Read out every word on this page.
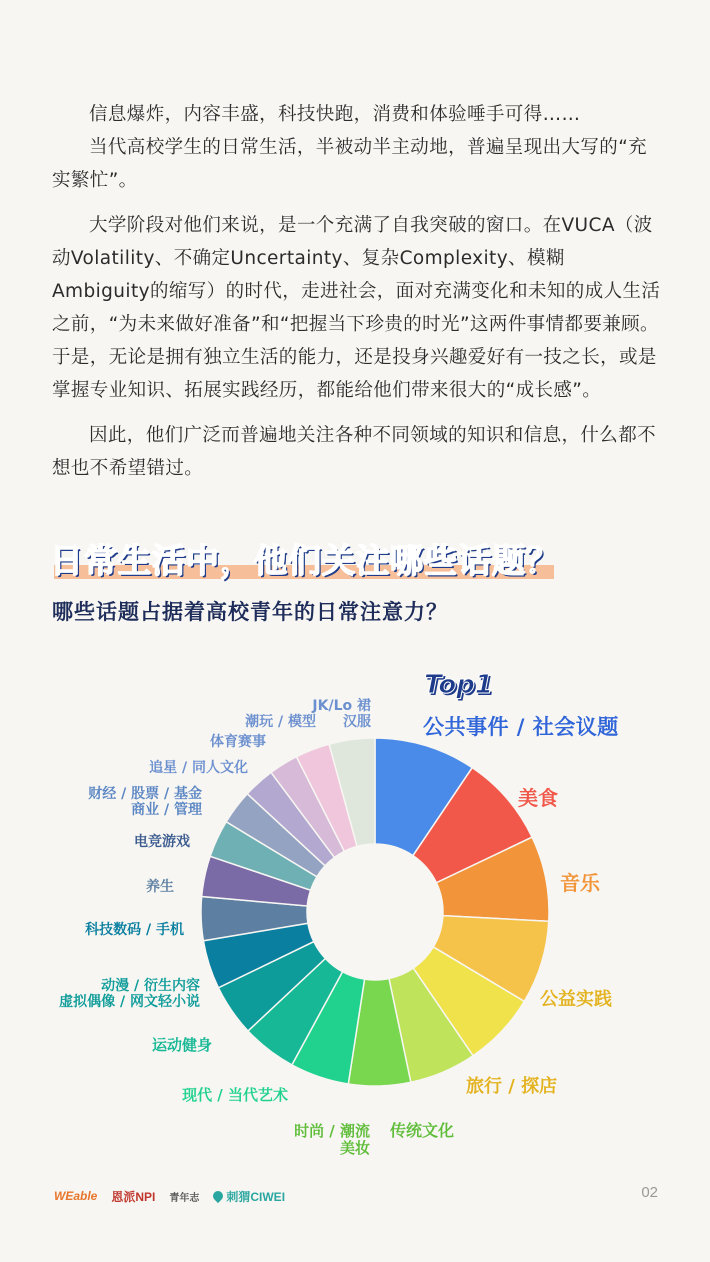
信息爆炸，内容丰盛，科技快跑，消费和体验唾手可得……

当代高校学生的日常生活，半被动半主动地，普遍呈现出大写的“充实繁忙”。

大学阶段对他们来说，是一个充满了自我突破的窗口。在VUCA（波动Volatility、不确定Uncertainty、复杂Complexity、模糊Ambiguity的缩写）的时代，走进社会，面对充满变化和未知的成人生活之前，“为未来做好准备”和“把握当下珍贵的时光”这两件事情都要兼顾。于是，无论是拥有独立生活的能力，还是投身兴趣爱好有一技之长，或是掌握专业知识、拓展实践经历，都能给他们带来很大的“成长感”。

因此，他们广泛而普遍地关注各种不同领域的知识和信息，什么都不想也不希望错过。

日常生活中，他们关注哪些话题？
哪些话题占据着高校青年的日常注意力？
美食
音乐
公益实践
旅行 / 探店
传统文化
时尚 / 潮流
美妆
现代 / 当代艺术
运动健身
动漫 / 衍生内容
虚拟偶像 / 网文轻小说
科技数码 / 手机
养生
电竞游戏
财经 / 股票 / 基金
商业 / 管理
追星 / 同人文化
体育赛事
潮玩 / 模型
JK/Lo 裙
汉服

Top1

公共事件 / 社会议题

WEable 恩派NPI 青年志 刺猬CIWEI	02
